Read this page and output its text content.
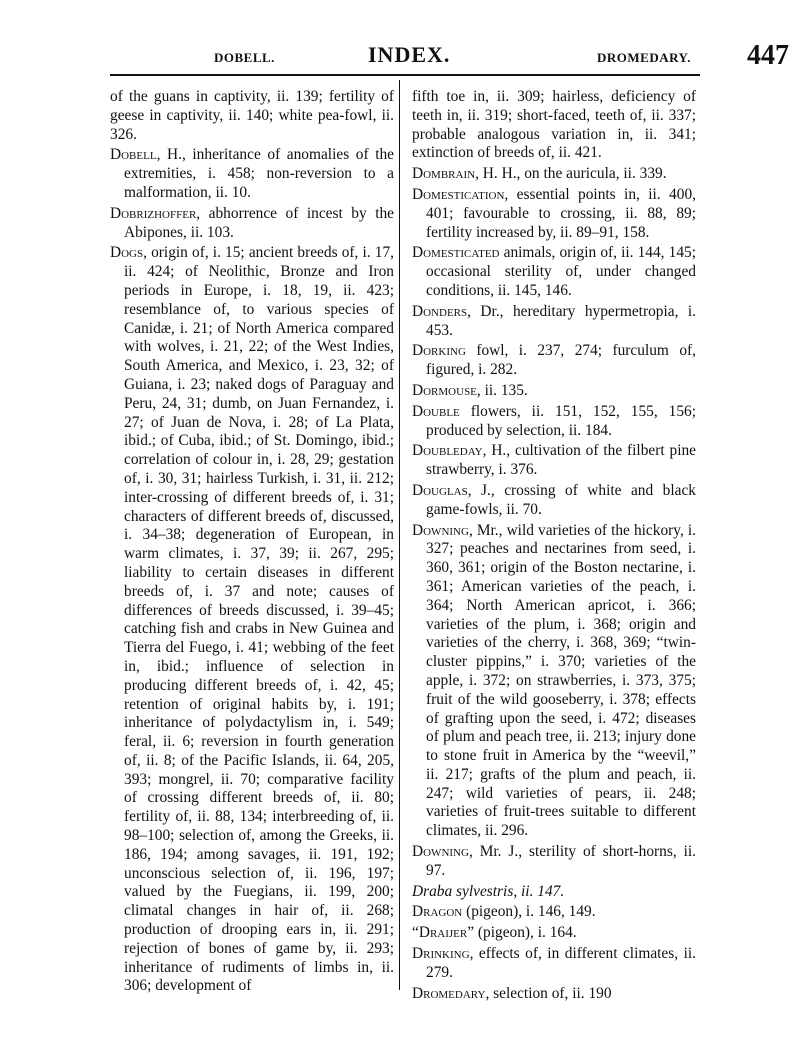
DOBELL.	INDEX.	DROMEDARY. 447

of the guans in captivity, ii. 139; fertility of geese in captivity, ii. 140; white pea-fowl, ii. 326.

Dobell, H., inheritance of anomalies of the extremities, i. 458; non-reversion to a malformation, ii. 10.

Dobrizhoffer, abhorrence of incest by the Abipones, ii. 103.

Dogs, origin of, i. 15; ancient breeds of, i. 17, ii. 424; of Neolithic, Bronze and Iron periods in Europe, i. 18, 19, ii. 423; resemblance of, to various species of Canidæ, i. 21; of North America compared with wolves, i. 21, 22; of the West Indies, South America, and Mexico, i. 23, 32; of Guiana, i. 23; naked dogs of Paraguay and Peru, 24, 31; dumb, on Juan Fernandez, i. 27; of Juan de Nova, i. 28; of La Plata, ibid.; of Cuba, ibid.; of St. Domingo, ibid.; correlation of colour in, i. 28, 29; gestation of, i. 30, 31; hairless Turkish, i. 31, ii. 212; inter-crossing of different breeds of, i. 31; characters of different breeds of, discussed, i. 34–38; degeneration of European, in warm climates, i. 37, 39; ii. 267, 295; liability to certain diseases in different breeds of, i. 37 and note; causes of differences of breeds discussed, i. 39–45; catching fish and crabs in New Guinea and Tierra del Fuego, i. 41; webbing of the feet in, ibid.; influence of selection in producing different breeds of, i. 42, 45; retention of original habits by, i. 191; inheritance of polydactylism in, i. 549; feral, ii. 6; reversion in fourth generation of, ii. 8; of the Pacific Islands, ii. 64, 205, 393; mongrel, ii. 70; comparative facility of crossing different breeds of, ii. 80; fertility of, ii. 88, 134; interbreeding of, ii. 98–100; selection of, among the Greeks, ii. 186, 194; among savages, ii. 191, 192; unconscious selection of, ii. 196, 197; valued by the Fuegians, ii. 199, 200; climatal changes in hair of, ii. 268; production of drooping ears in, ii. 291; rejection of bones of game by, ii. 293; inheritance of rudiments of limbs in, ii. 306; development of

fifth toe in, ii. 309; hairless, deficiency of teeth in, ii. 319; short-faced, teeth of, ii. 337; probable analogous variation in, ii. 341; extinction of breeds of, ii. 421.

Dombrain, H. H., on the auricula, ii. 339.

Domestication, essential points in, ii. 400, 401; favourable to crossing, ii. 88, 89; fertility increased by, ii. 89–91, 158.

Domesticated animals, origin of, ii. 144, 145; occasional sterility of, under changed conditions, ii. 145, 146.

Donders, Dr., hereditary hypermetropia, i. 453.

Dorking fowl, i. 237, 274; furculum of, figured, i. 282.

Dormouse, ii. 135.

Double flowers, ii. 151, 152, 155, 156; produced by selection, ii. 184.

Doubleday, H., cultivation of the filbert pine strawberry, i. 376.

Douglas, J., crossing of white and black game-fowls, ii. 70.

Downing, Mr., wild varieties of the hickory, i. 327; peaches and nectarines from seed, i. 360, 361; origin of the Boston nectarine, i. 361; American varieties of the peach, i. 364; North American apricot, i. 366; varieties of the plum, i. 368; origin and varieties of the cherry, i. 368, 369; “twin-cluster pippins,” i. 370; varieties of the apple, i. 372; on strawberries, i. 373, 375; fruit of the wild gooseberry, i. 378; effects of grafting upon the seed, i. 472; diseases of plum and peach tree, ii. 213; injury done to stone fruit in America by the “weevil,” ii. 217; grafts of the plum and peach, ii. 247; wild varieties of pears, ii. 248; varieties of fruit-trees suitable to different climates, ii. 296.

Downing, Mr. J., sterility of short-horns, ii. 97.

Draba sylvestris, ii. 147.

Dragon (pigeon), i. 146, 149.

“Draijer” (pigeon), i. 164.

Drinking, effects of, in different climates, ii. 279.

Dromedary, selection of, ii. 190
